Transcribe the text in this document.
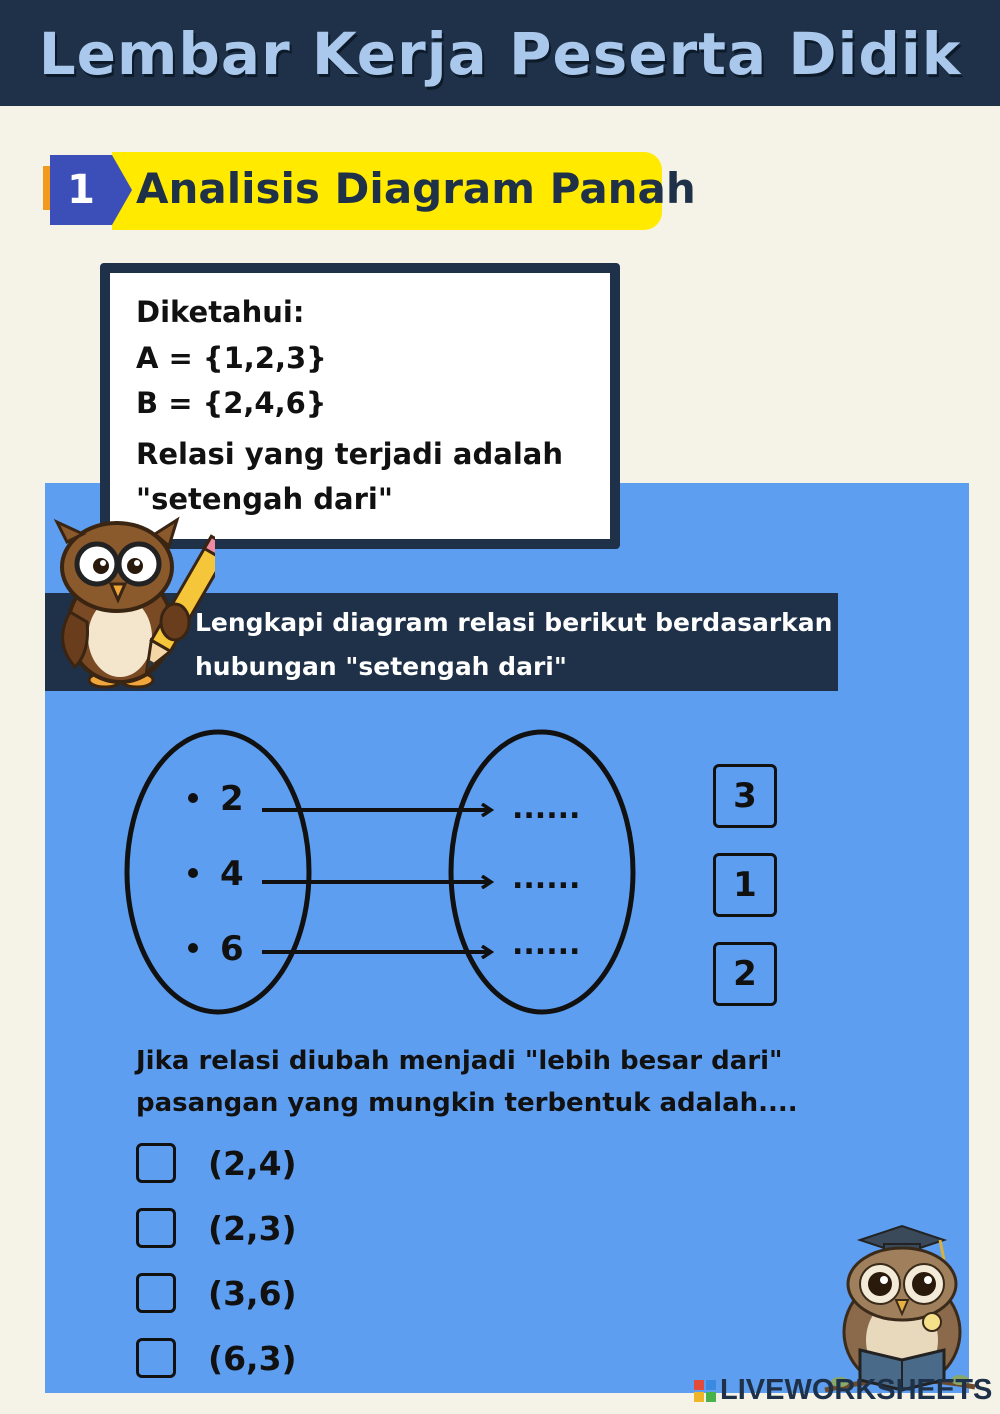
Lembar Kerja Peserta Didik
1 Analisis Diagram Panah
Diketahui:
A = {1,2,3}
B = {2,4,6}
Relasi yang terjadi adalah
"setengah dari"
Lengkapi diagram relasi berikut berdasarkan
hubungan "setengah dari"
2
4
6
......
......
......
3
1
2
Jika relasi diubah menjadi "lebih besar dari"
pasangan yang mungkin terbentuk adalah....
(2,4)
(2,3)
(3,6)
(6,3)
LIVEWORKSHEETS
